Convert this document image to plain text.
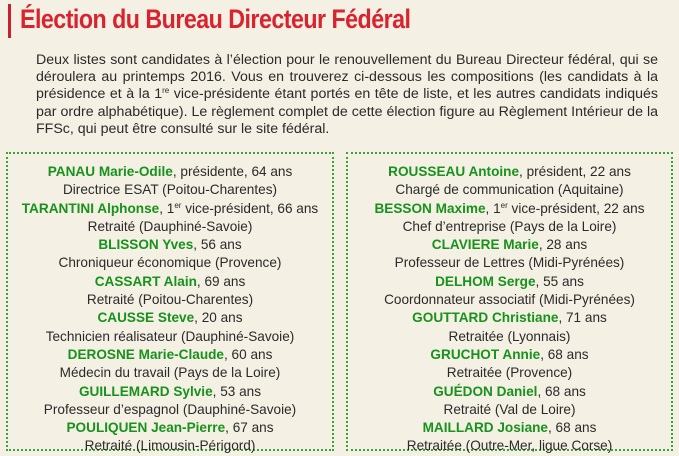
Élection du Bureau Directeur Fédéral
Deux listes sont candidates à l’élection pour le renouvellement du Bureau Directeur fédéral, qui se déroulera au printemps 2016. Vous en trouverez ci-dessous les compositions (les candidats à la présidence et à la 1re vice-présidente étant portés en tête de liste, et les autres candidats indiqués par ordre alphabétique). Le règlement complet de cette élection figure au Règlement Intérieur de la FFSc, qui peut être consulté sur le site fédéral.
PANAU Marie-Odile, présidente, 64 ans
Directrice ESAT (Poitou-Charentes)
TARANTINI Alphonse, 1er vice-président, 66 ans
Retraité (Dauphiné-Savoie)
BLISSON Yves, 56 ans
Chroniqueur économique (Provence)
CASSART Alain, 69 ans
Retraité (Poitou-Charentes)
CAUSSE Steve, 20 ans
Technicien réalisateur (Dauphiné-Savoie)
DEROSNE Marie-Claude, 60 ans
Médecin du travail (Pays de la Loire)
GUILLEMARD Sylvie, 53 ans
Professeur d’espagnol (Dauphiné-Savoie)
POULIQUEN Jean-Pierre, 67 ans
Retraité (Limousin-Périgord)
ROUSSEAU Antoine, président, 22 ans
Chargé de communication (Aquitaine)
BESSON Maxime, 1er vice-président, 22 ans
Chef d’entreprise (Pays de la Loire)
CLAVIERE Marie, 28 ans
Professeur de Lettres (Midi-Pyrénées)
DELHOM Serge, 55 ans
Coordonnateur associatif (Midi-Pyrénées)
GOUTTARD Christiane, 71 ans
Retraitée (Lyonnais)
GRUCHOT Annie, 68 ans
Retraitée (Provence)
GUÉDON Daniel, 68 ans
Retraité (Val de Loire)
MAILLARD Josiane, 68 ans
Retraitée (Outre-Mer, ligue Corse)
